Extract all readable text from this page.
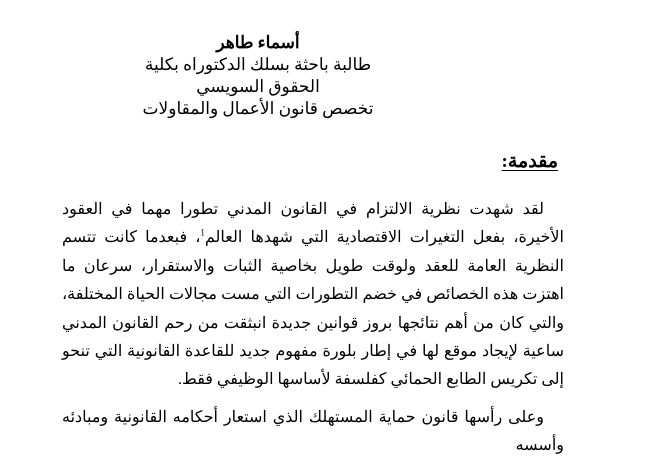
أسماء طاهر
طالبة باحثة بسلك الدكتوراه بكلية الحقوق السويسي
تخصص قانون الأعمال والمقاولات
مقدمة:

لقد شهدت نظرية الالتزام في القانون المدني تطورا مهما في العقود الأخيرة، بفعل التغيرات الاقتصادية التي شهدها العالم$^1$، فبعدما كانت تتسم النظرية العامة للعقد ولوقت طويل بخاصية الثبات والاستقرار، سرعان ما اهتزت هذه الخصائص في خضم التطورات التي مست مجالات الحياة المختلفة، والتي كان من أهم نتائجها بروز قوانين جديدة انبثقت من رحم القانون المدني ساعية لإيجاد موقع لها في إطار بلورة مفهوم جديد للقاعدة القانونية التي تنحو إلى تكريس الطابع الحمائي كفلسفة لأساسها الوظيفي فقط.

وعلى رأسها قانون حماية المستهلك الذي استعار أحكامه القانونية ومبادئه وأسسه
